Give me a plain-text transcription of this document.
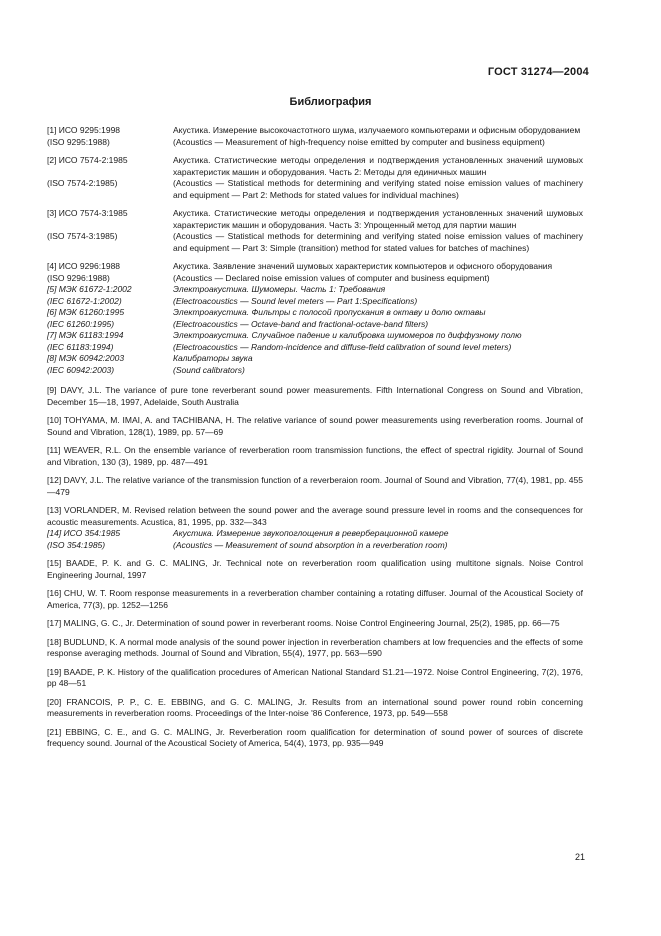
ГОСТ 31274—2004
Библиография
[1] ИСО 9295:1998	Акустика. Измерение высокочастотного шума, излучаемого компьютерами и офисным оборудованием
(ISO 9295:1988)	(Acoustics — Measurement of high-frequency noise emitted by computer and business equipment)
[2] ИСО 7574-2:1985	Акустика. Статистические методы определения и подтверждения установленных значений шумовых характеристик машин и оборудования. Часть 2: Методы для единичных машин
(ISO 7574-2:1985)	(Acoustics — Statistical methods for determining and verifying stated noise emission values of machinery and equipment — Part 2: Methods for stated values for individual machines)
[3] ИСО 7574-3:1985	Акустика. Статистические методы определения и подтверждения установленных значений шумовых характеристик машин и оборудования. Часть 3: Упрощенный метод для партии машин
(ISO 7574-3:1985)	(Acoustics — Statistical methods for determining and verifying stated noise emission values of machinery and equipment — Part 3: Simple (transition) method for stated values for batches of machines)
[4] ИСО 9296:1988	Акустика. Заявление значений шумовых характеристик компьютеров и офисного оборудования
(ISO 9296:1988)	(Acoustics — Declared noise emission values of computer and business equipment)
[5] МЭК 61672-1:2002	Электроакустика. Шумомеры. Часть 1: Требования
(IEC 61672-1:2002)	(Electroacoustics — Sound level meters — Part 1:Specifications)
[6] МЭК 61260:1995	Электроакустика. Фильтры с полосой пропускания в октаву и долю октавы
(IEC 61260:1995)	(Electroacoustics — Octave-band and fractional-octave-band filters)
[7] МЭК 61183:1994	Электроакустика. Случайное падение и калибровка шумомеров по диффузному полю
(IEC 61183:1994)	(Electroacoustics — Random-incidence and diffuse-field calibration of sound level meters)
[8] МЭК 60942:2003	Калибраторы звука
(IEC 60942:2003)	(Sound calibrators)
[9] DAVY, J.L. The variance of pure tone reverberant sound power measurements. Fifth International Congress on Sound and Vibration, December 15—18, 1997, Adelaide, South Australia
[10] TOHYAMA, M. IMAI, A. and TACHIBANA, H. The relative variance of sound power measurements using reverberation rooms. Journal of Sound and Vibration, 128(1), 1989, pp. 57—69
[11] WEAVER, R.L. On the ensemble variance of reverberation room transmission functions, the effect of spectral rigidity. Journal of Sound and Vibration, 130 (3), 1989, pp. 487—491
[12] DAVY, J.L. The relative variance of the transmission function of a reverberaion room. Journal of Sound and Vibration, 77(4), 1981, pp. 455—479
[13] VORLANDER, M. Revised relation between the sound power and the average sound pressure level in rooms and the consequences for acoustic measurements. Acustica, 81, 1995, pp. 332—343
[14] ИСО 354:1985	Акустика. Измерение звукопоглощения в реверберационной камере
(ISO 354:1985)	(Acoustics — Measurement of sound absorption in a reverberation room)
[15] BAADE, P. K. and G. C. MALING, Jr. Technical note on reverberation room qualification using multitone signals. Noise Control Engineering Journal, 1997
[16] CHU, W. T. Room response measurements in a reverberation chamber containing a rotating diffuser. Journal of the Acoustical Society of America, 77(3), pp. 1252—1256
[17] MALING, G. C., Jr. Determination of sound power in reverberant rooms. Noise Control Engineering Journal, 25(2), 1985, pp. 66—75
[18] BUDLUND, K. A normal mode analysis of the sound power injection in reverberation chambers at low frequencies and the effects of some response averaging methods. Journal of Sound and Vibration, 55(4), 1977, pp. 563—590
[19] BAADE, P. K. History of the qualification procedures of American National Standard S1.21—1972. Noise Control Engineering, 7(2), 1976, pp 48—51
[20] FRANCOIS, P. P., C. E. EBBING, and G. C. MALING, Jr. Results from an international sound power round robin concerning measurements in reverberation rooms. Proceedings of the Inter-noise '86 Conference, 1973, pp. 549—558
[21] EBBING, C. E., and G. C. MALING, Jr. Reverberation room qualification for determination of sound power of sources of discrete frequency sound. Journal of the Acoustical Society of America, 54(4), 1973, pp. 935—949
21
